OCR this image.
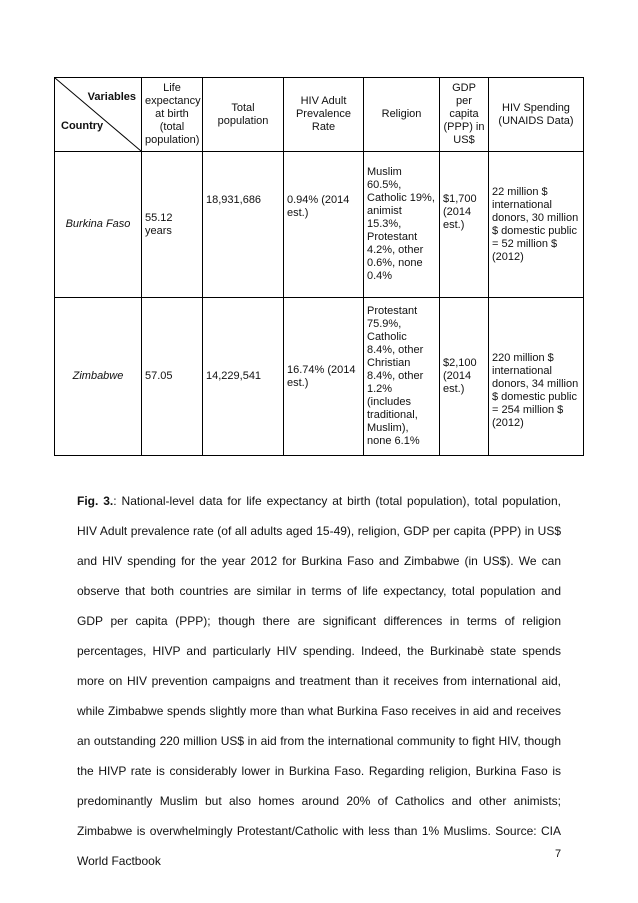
Variables
Country	Life expectancy at birth (total population)	Total population	HIV Adult Prevalence Rate	Religion	GDP per capita (PPP) in US$	HIV Spending (UNAIDS Data)
Burkina Faso	55.12 years	18,931,686	0.94% (2014 est.)	Muslim 60.5%, Catholic 19%, animist 15.3%, Protestant 4.2%, other 0.6%, none 0.4%	$1,700 (2014 est.)	22 million $ international donors, 30 million $ domestic public = 52 million $ (2012)
Zimbabwe	57.05	14,229,541	16.74% (2014 est.)	Protestant 75.9%, Catholic 8.4%, other Christian 8.4%, other 1.2% (includes traditional, Muslim), none 6.1%	$2,100 (2014 est.)	220 million $ international donors, 34 million $ domestic public = 254 million $ (2012)
Fig. 3.: National-level data for life expectancy at birth (total population), total population, HIV Adult prevalence rate (of all adults aged 15-49), religion, GDP per capita (PPP) in US$ and HIV spending for the year 2012 for Burkina Faso and Zimbabwe (in US$). We can observe that both countries are similar in terms of life expectancy, total population and GDP per capita (PPP); though there are significant differences in terms of religion percentages, HIVP and particularly HIV spending. Indeed, the Burkinabè state spends more on HIV prevention campaigns and treatment than it receives from international aid, while Zimbabwe spends slightly more than what Burkina Faso receives in aid and receives an outstanding 220 million US$ in aid from the international community to fight HIV, though the HIVP rate is considerably lower in Burkina Faso. Regarding religion, Burkina Faso is predominantly Muslim but also homes around 20% of Catholics and other animists; Zimbabwe is overwhelmingly Protestant/Catholic with less than 1% Muslims. Source: CIA World Factbook	7
